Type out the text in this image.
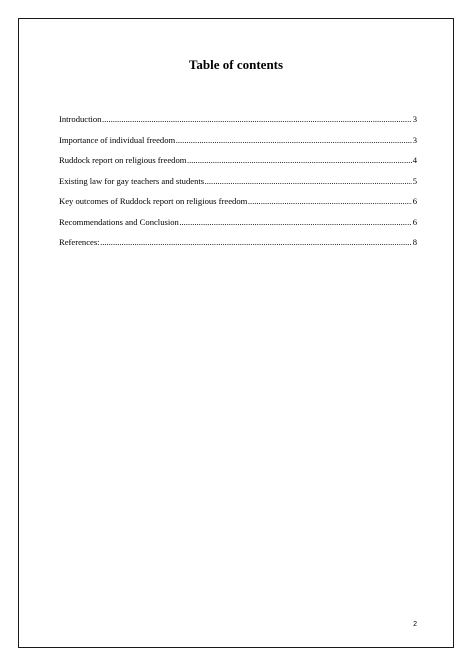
Table of contents
Introduction .....	3
Importance of individual freedom .....	3
Ruddock report on religious freedom .....	4
Existing law for gay teachers and students .....	5
Key outcomes of Ruddock report on religious freedom .....	6
Recommendations and Conclusion .....	6
References: .....	8
2
